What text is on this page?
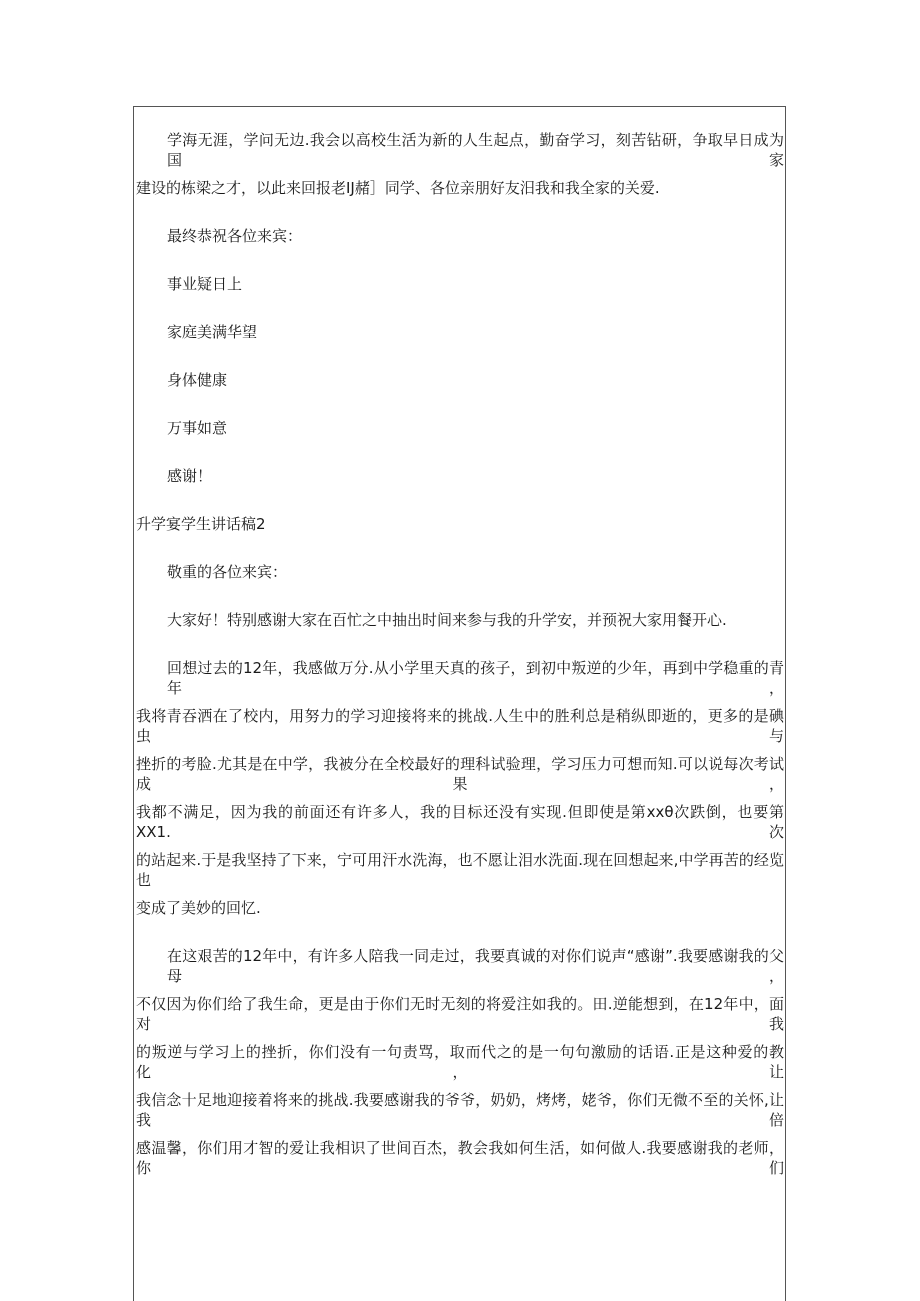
学海无涯，学问无边.我会以高校生活为新的人生起点，勤奋学习，刻苦钻研，争取早日成为国家
建设的栋梁之才，以此来回报老IJ赭］同学、各位亲朋好友汨我和我全家的关爱.
最终恭祝各位来宾：
事业疑日上
家庭美满华望
身体健康
万事如意
感谢！
升学宴学生讲话稿2
敬重的各位来宾：
大家好！特别感谢大家在百忙之中抽出时间来参与我的升学安，并预祝大家用餐开心.
回想过去的12年，我感做万分.从小学里天真的孩子，到初中叛逆的少年，再到中学稳重的青年，
我将青吞洒在了校内，用努力的学习迎接将来的挑战.人生中的胜利总是稍纵即逝的，更多的是碘虫与
挫折的考脸.尤其是在中学，我被分在全校最好的理科试验理，学习压力可想而知.可以说每次考试成果，
我都不满足，因为我的前面还有许多人，我的目标还没有实现.但即使是第xxθ次跌倒，也要第XX1.次
的站起来.于是我坚持了下来，宁可用汗水洗海，也不愿让泪水洗面.现在回想起来,中学再苦的经览也
变成了美妙的回忆.
在这艰苦的12年中，有许多人陪我一同走过，我要真诚的对你们说声“感谢”.我要感谢我的父母，
不仅因为你们给了我生命，更是由于你们无时无刻的将爱注如我的。田.逆能想到，在12年中，面对我
的叛逆与学习上的挫折，你们没有一句责骂，取而代之的是一句句激励的话语.正是这种爱的教化，让
我信念十足地迎接着将来的挑战.我要感谢我的爷爷，奶奶，烤烤，姥爷，你们无微不至的关怀,让我倍
感温馨，你们用才智的爱让我相识了世间百杰，教会我如何生活，如何做人.我要感谢我的老师，你们
